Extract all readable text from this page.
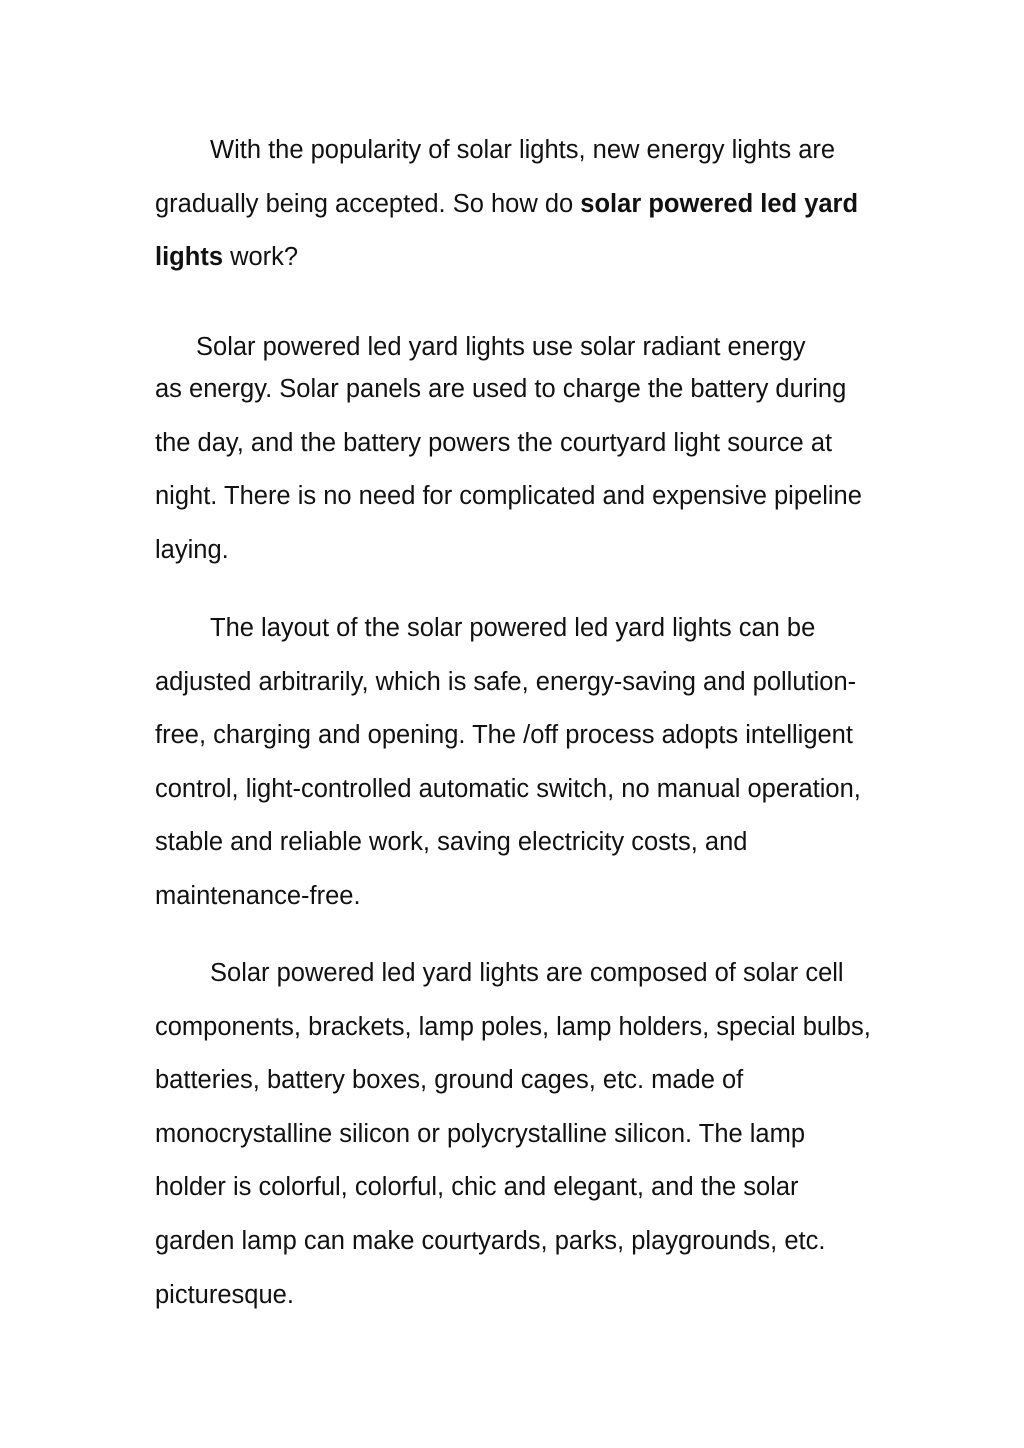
With the popularity of solar lights, new energy lights are gradually being accepted. So how do solar powered led yard lights work?

Solar powered led yard lights use solar radiant energy
as energy. Solar panels are used to charge the battery during the day, and the battery powers the courtyard light source at night. There is no need for complicated and expensive pipeline laying.

The layout of the solar powered led yard lights can be adjusted arbitrarily, which is safe, energy-saving and pollution-free, charging and opening. The /off process adopts intelligent control, light-controlled automatic switch, no manual operation, stable and reliable work, saving electricity costs, and maintenance-free.

Solar powered led yard lights are composed of solar cell components, brackets, lamp poles, lamp holders, special bulbs, batteries, battery boxes, ground cages, etc. made of monocrystalline silicon or polycrystalline silicon. The lamp holder is colorful, colorful, chic and elegant, and the solar garden lamp can make courtyards, parks, playgrounds, etc. picturesque.
